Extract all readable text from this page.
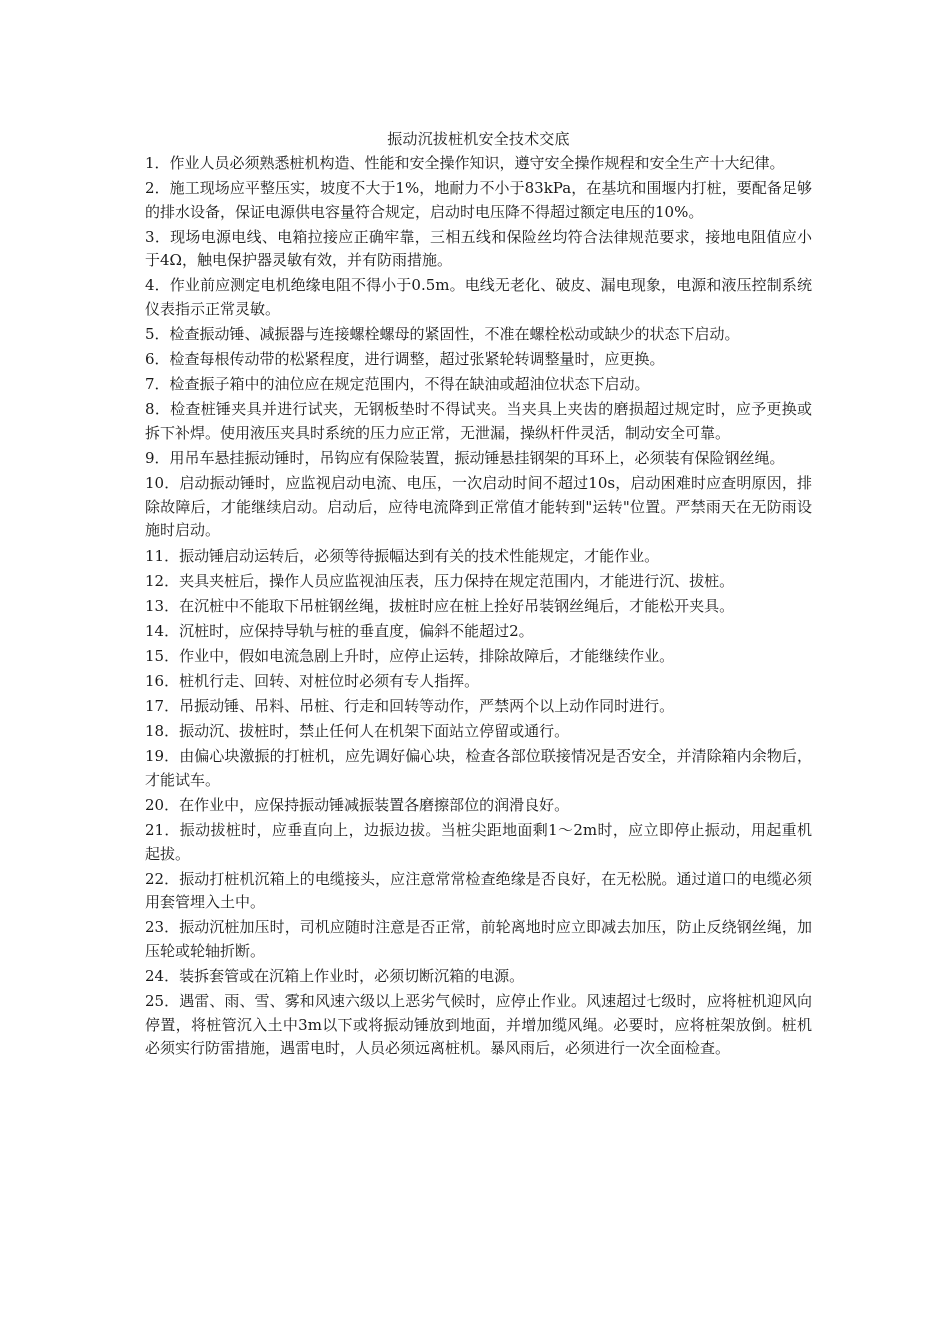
振动沉拔桩机安全技术交底

1．作业人员必须熟悉桩机构造、性能和安全操作知识，遵守安全操作规程和安全生产十大纪律。

2．施工现场应平整压实，坡度不大于1%，地耐力不小于83kPa，在基坑和围堰内打桩，要配备足够的排水设备，保证电源供电容量符合规定，启动时电压降不得超过额定电压的10%。

3．现场电源电线、电箱拉接应正确牢靠，三相五线和保险丝均符合法律规范要求，接地电阻值应小于4Ω，触电保护器灵敏有效，并有防雨措施。

4．作业前应测定电机绝缘电阻不得小于0.5m。电线无老化、破皮、漏电现象，电源和液压控制系统仪表指示正常灵敏。

5．检查振动锤、减振器与连接螺栓螺母的紧固性，不准在螺栓松动或缺少的状态下启动。

6．检查每根传动带的松紧程度，进行调整，超过张紧轮转调整量时，应更换。

7．检查振子箱中的油位应在规定范围内，不得在缺油或超油位状态下启动。

8．检查桩锤夹具并进行试夹，无钢板垫时不得试夹。当夹具上夹齿的磨损超过规定时，应予更换或拆下补焊。使用液压夹具时系统的压力应正常，无泄漏，操纵杆件灵活，制动安全可靠。

9．用吊车悬挂振动锤时，吊钩应有保险装置，振动锤悬挂钢架的耳环上，必须装有保险钢丝绳。

10．启动振动锤时，应监视启动电流、电压，一次启动时间不超过10s，启动困难时应查明原因，排除故障后，才能继续启动。启动后，应待电流降到正常值才能转到"运转"位置。严禁雨天在无防雨设施时启动。

11．振动锤启动运转后，必须等待振幅达到有关的技术性能规定，才能作业。

12．夹具夹桩后，操作人员应监视油压表，压力保持在规定范围内，才能进行沉、拔桩。

13．在沉桩中不能取下吊桩钢丝绳，拔桩时应在桩上拴好吊装钢丝绳后，才能松开夹具。

14．沉桩时，应保持导轨与桩的垂直度，偏斜不能超过2。

15．作业中，假如电流急剧上升时，应停止运转，排除故障后，才能继续作业。

16．桩机行走、回转、对桩位时必须有专人指挥。

17．吊振动锤、吊料、吊桩、行走和回转等动作，严禁两个以上动作同时进行。

18．振动沉、拔桩时，禁止任何人在机架下面站立停留或通行。

19．由偏心块激振的打桩机，应先调好偏心块，检查各部位联接情况是否安全，并清除箱内余物后，才能试车。

20．在作业中，应保持振动锤减振装置各磨擦部位的润滑良好。

21．振动拔桩时，应垂直向上，边振边拔。当桩尖距地面剩1～2m时，应立即停止振动，用起重机起拔。

22．振动打桩机沉箱上的电缆接头，应注意常常检查绝缘是否良好，在无松脱。通过道口的电缆必须用套管埋入土中。

23．振动沉桩加压时，司机应随时注意是否正常，前轮离地时应立即减去加压，防止反绕钢丝绳，加压轮或轮轴折断。

24．装拆套管或在沉箱上作业时，必须切断沉箱的电源。

25．遇雷、雨、雪、雾和风速六级以上恶劣气候时，应停止作业。风速超过七级时，应将桩机迎风向停置，将桩管沉入土中3m以下或将振动锤放到地面，并增加缆风绳。必要时，应将桩架放倒。桩机必须实行防雷措施，遇雷电时，人员必须远离桩机。暴风雨后，必须进行一次全面检查。
